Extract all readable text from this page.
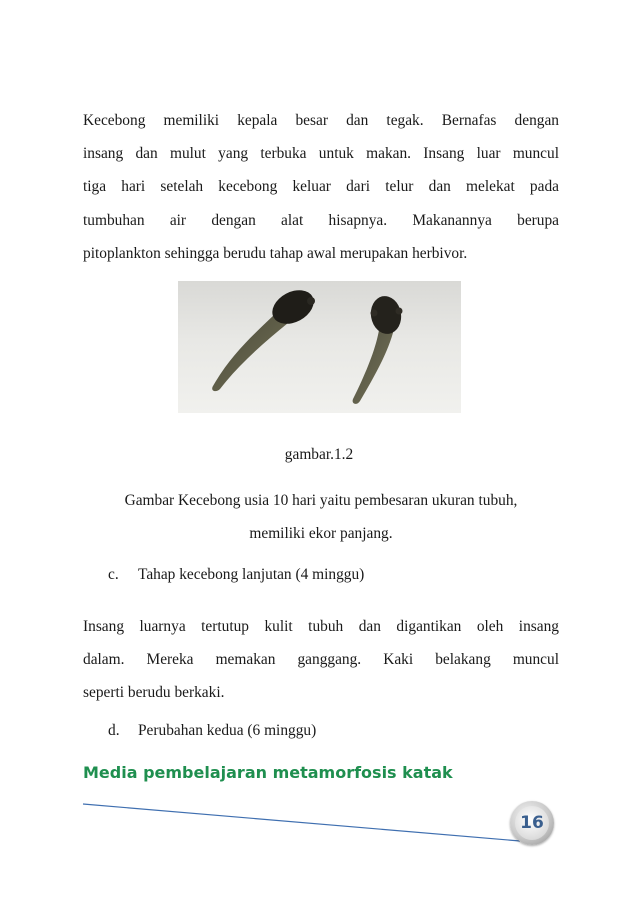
Kecebong memiliki kepala besar dan tegak. Bernafas dengan
insang dan mulut yang terbuka untuk makan. Insang luar muncul
tiga hari setelah kecebong keluar dari telur dan melekat pada
tumbuhan air dengan alat hisapnya. Makanannya berupa
pitoplankton sehingga berudu tahap awal merupakan herbivor.

gambar.1.2
Gambar Kecebong usia 10 hari yaitu pembesaran ukuran tubuh,
memiliki ekor panjang.
c. Tahap kecebong lanjutan (4 minggu)

Insang luarnya tertutup kulit tubuh dan digantikan oleh insang
dalam. Mereka memakan ganggang. Kaki belakang muncul
seperti berudu berkaki.

d. Perubahan kedua (6 minggu)
Media pembelajaran metamorfosis katak
16
